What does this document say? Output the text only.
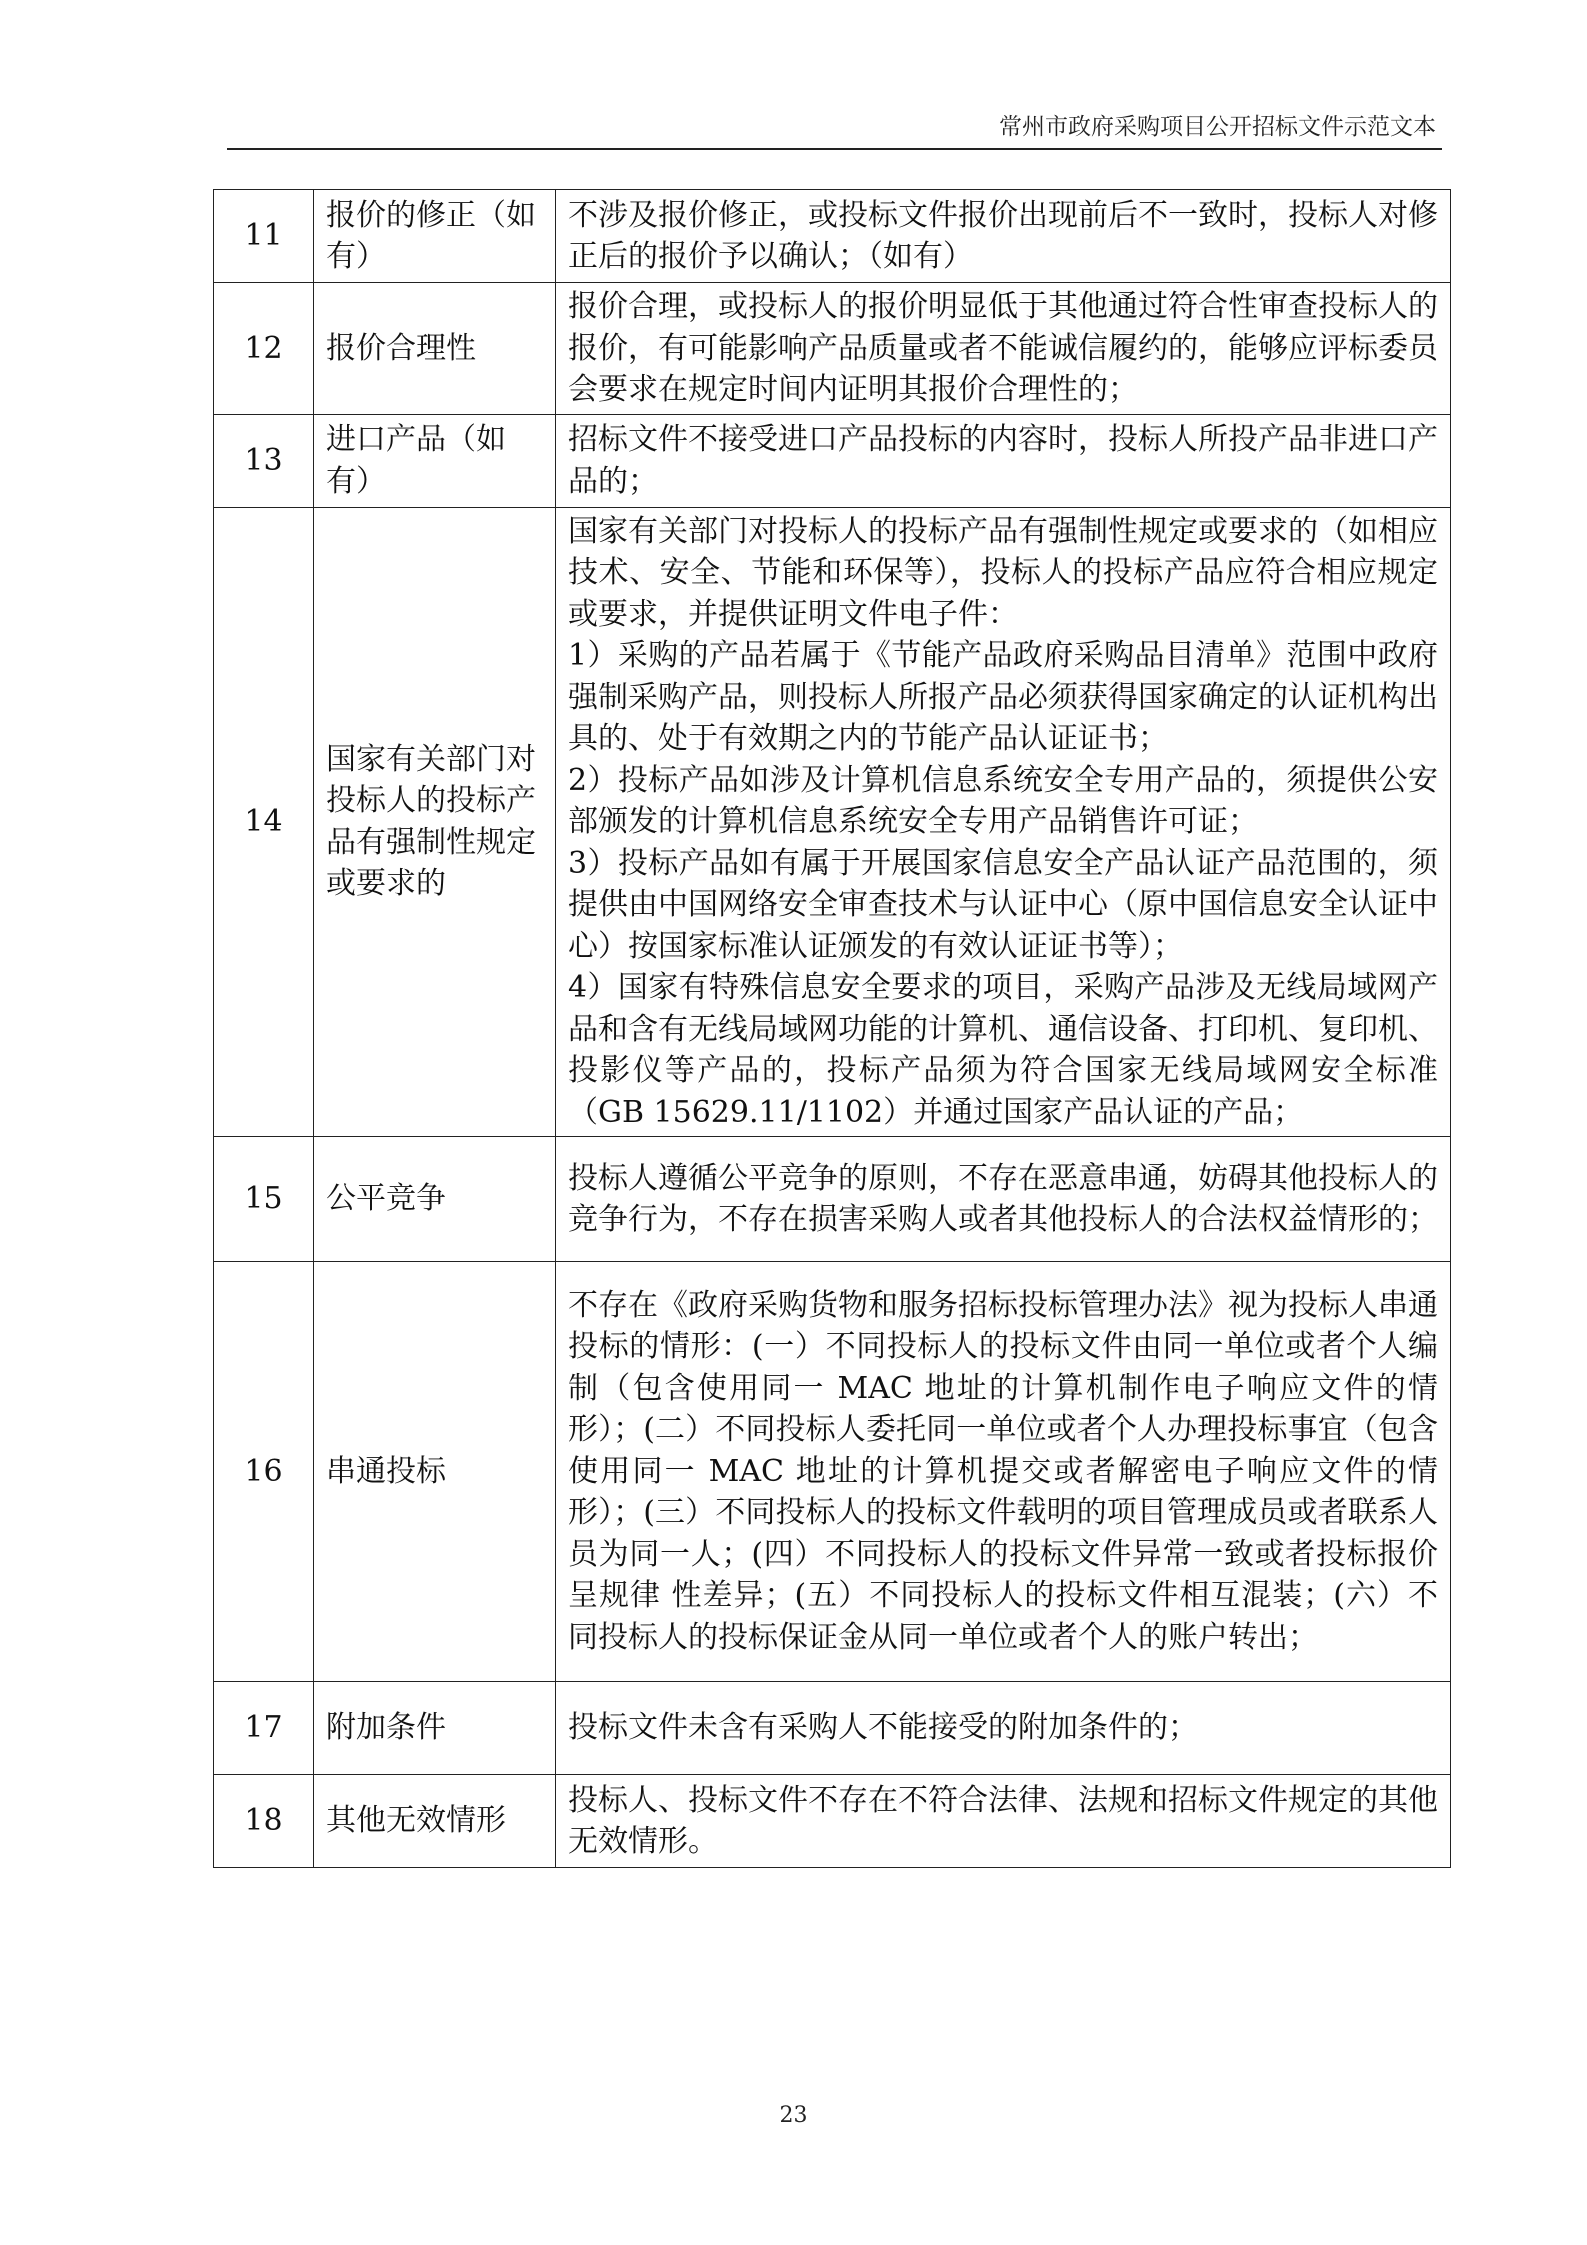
常州市政府采购项目公开招标文件示范文本
11	报价的修正（如有）	不涉及报价修正，或投标文件报价出现前后不一致时，投标人对修正后的报价予以确认；（如有）

12	报价合理性	报价合理，或投标人的报价明显低于其他通过符合性审查投标人的报价，有可能影响产品质量或者不能诚信履约的，能够应评标委员会要求在规定时间内证明其报价合理性的；

13	进口产品（如有）	招标文件不接受进口产品投标的内容时，投标人所投产品非进口产品的；

14	国家有关部门对投标人的投标产品有强制性规定或要求的	国家有关部门对投标人的投标产品有强制性规定或要求的（如相应技术、安全、节能和环保等），投标人的投标产品应符合相应规定或要求，并提供证明文件电子件：
1）采购的产品若属于《节能产品政府采购品目清单》范围中政府强制采购产品，则投标人所报产品必须获得国家确定的认证机构出具的、处于有效期之内的节能产品认证证书；
2）投标产品如涉及计算机信息系统安全专用产品的，须提供公安部颁发的计算机信息系统安全专用产品销售许可证；
3）投标产品如有属于开展国家信息安全产品认证产品范围的，须提供由中国网络安全审查技术与认证中心（原中国信息安全认证中心）按国家标准认证颁发的有效认证证书等）；
4）国家有特殊信息安全要求的项目，采购产品涉及无线局域网产品和含有无线局域网功能的计算机、通信设备、打印机、复印机、投影仪等产品的，投标产品须为符合国家无线局域网安全标准（GB 15629.11/1102）并通过国家产品认证的产品；

15	公平竞争	投标人遵循公平竞争的原则，不存在恶意串通，妨碍其他投标人的竞争行为，不存在损害采购人或者其他投标人的合法权益情形的；

16	串通投标	不存在《政府采购货物和服务招标投标管理办法》视为投标人串通投标的情形：(一）不同投标人的投标文件由同一单位或者个人编制（包含使用同一 MAC 地址的计算机制作电子响应文件的情形）；(二）不同投标人委托同一单位或者个人办理投标事宜（包含使用同一 MAC 地址的计算机提交或者解密电子响应文件的情形）；(三）不同投标人的投标文件载明的项目管理成员或者联系人员为同一人；(四）不同投标人的投标文件异常一致或者投标报价呈规律 性差异；(五）不同投标人的投标文件相互混装；(六）不同投标人的投标保证金从同一单位或者个人的账户转出；

17	附加条件	投标文件未含有采购人不能接受的附加条件的；

18	其他无效情形	投标人、投标文件不存在不符合法律、法规和招标文件规定的其他无效情形。
23
